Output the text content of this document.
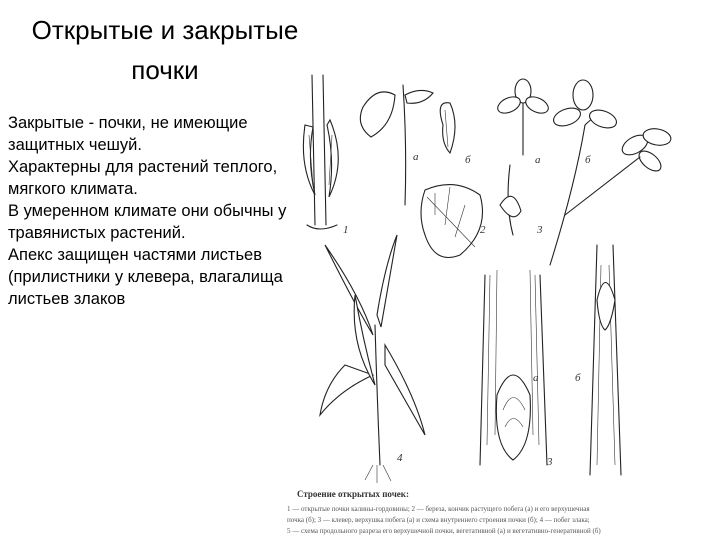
Открытые и закрытые
почки

Закрытые - почки, не имеющие защитных чешуй.

Характерны для растений теплого, мягкого климата.

В умеренном климате они обычны у травянистых растений.

Апекс защищен частями листьев (прилистники у клевера, влагалища листьев злаков

1
а	б
2
а	б
3
4
а
3
б
Строение открытых почек:
1 — открытые почки калины-гордовины; 2 — береза, кончик растущего побега (а) и его верхушечная
почка (б); 3 — клевер, верхушка побега (а) и схема внутреннего строения почки (б); 4 — побег злака;
5 — схема продольного разреза его верхушечной почки, вегетативной (а) и вегетативно-генеративной (б)
